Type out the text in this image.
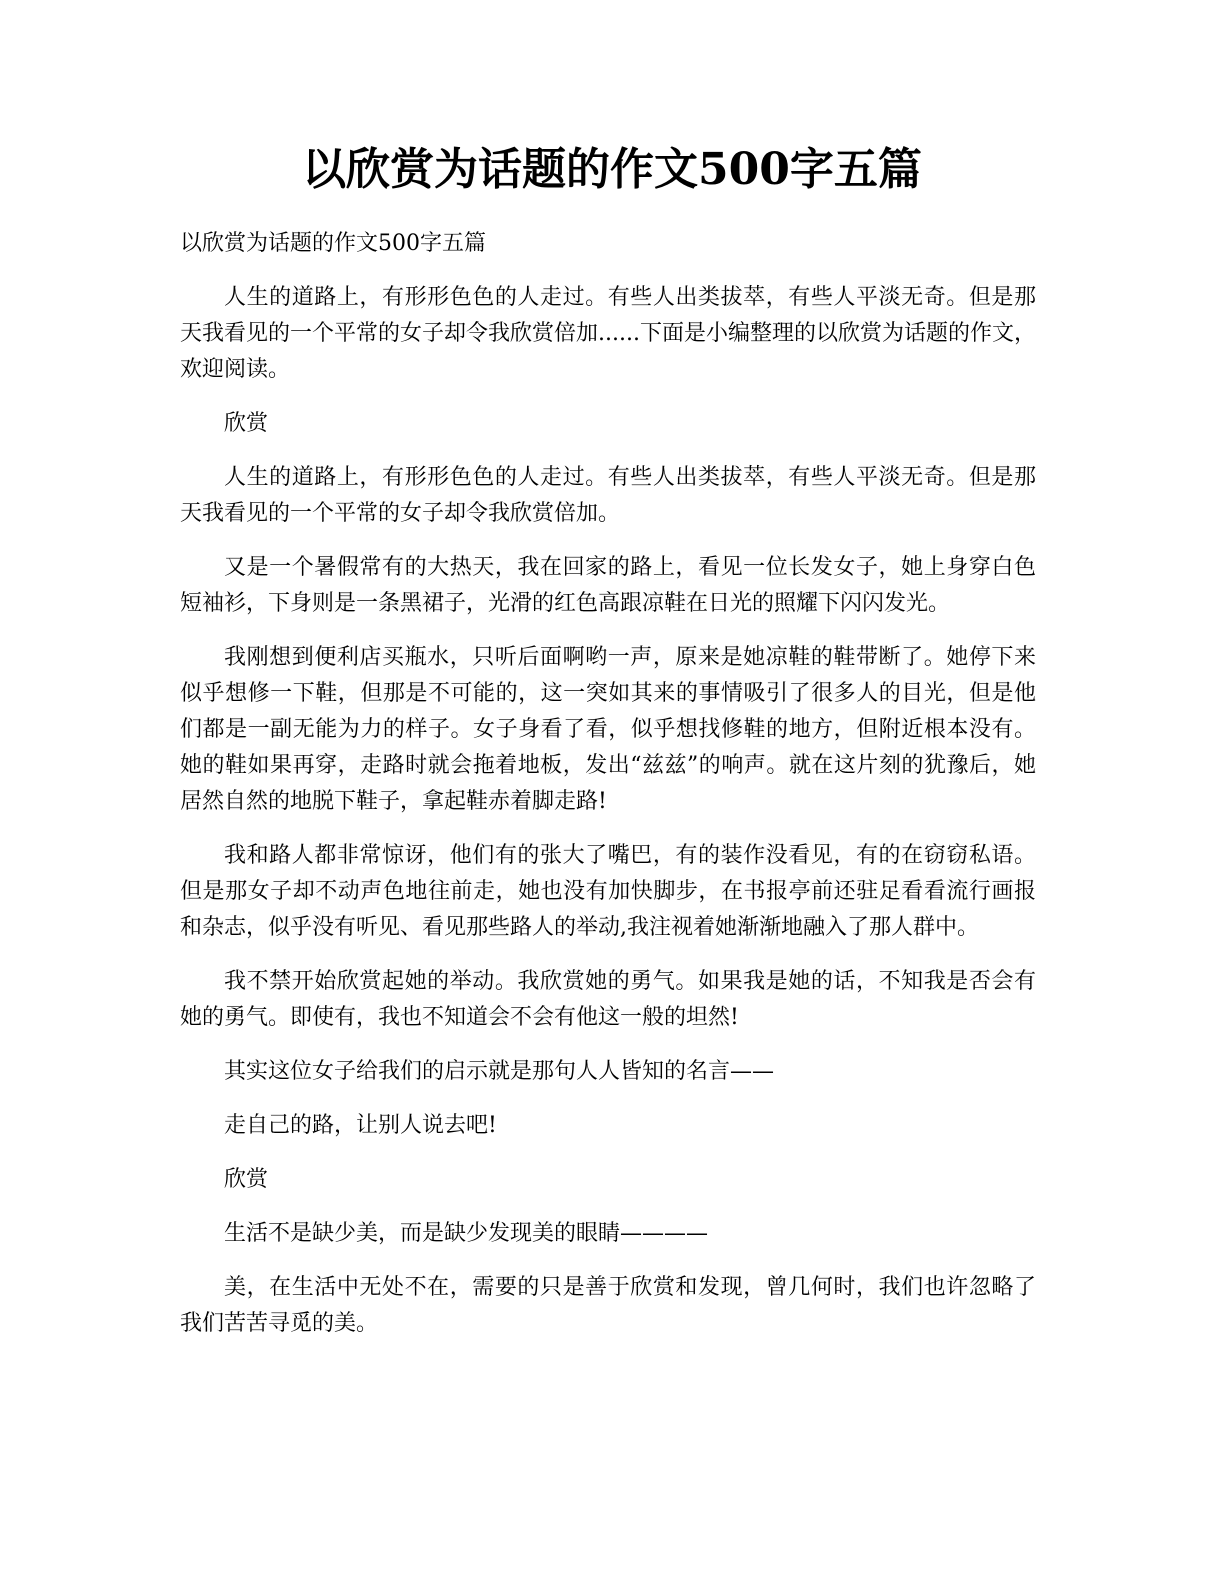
以欣赏为话题的作文500字五篇

以欣赏为话题的作文500字五篇

人生的道路上，有形形色色的人走过。有些人出类拔萃，有些人平淡无奇。但是那天我看见的一个平常的女子却令我欣赏倍加......下面是小编整理的以欣赏为话题的作文，欢迎阅读。

欣赏

人生的道路上，有形形色色的人走过。有些人出类拔萃，有些人平淡无奇。但是那天我看见的一个平常的女子却令我欣赏倍加。

又是一个暑假常有的大热天，我在回家的路上，看见一位长发女子，她上身穿白色短袖衫，下身则是一条黑裙子，光滑的红色高跟凉鞋在日光的照耀下闪闪发光。

我刚想到便利店买瓶水，只听后面啊哟一声，原来是她凉鞋的鞋带断了。她停下来似乎想修一下鞋，但那是不可能的，这一突如其来的事情吸引了很多人的目光，但是他们都是一副无能为力的样子。女子身看了看，似乎想找修鞋的地方，但附近根本没有。她的鞋如果再穿，走路时就会拖着地板，发出“兹兹”的响声。就在这片刻的犹豫后，她居然自然的地脱下鞋子，拿起鞋赤着脚走路!

我和路人都非常惊讶，他们有的张大了嘴巴，有的装作没看见，有的在窃窃私语。但是那女子却不动声色地往前走，她也没有加快脚步，在书报亭前还驻足看看流行画报和杂志，似乎没有听见、看见那些路人的举动,我注视着她渐渐地融入了那人群中。

我不禁开始欣赏起她的举动。我欣赏她的勇气。如果我是她的话，不知我是否会有她的勇气。即使有，我也不知道会不会有他这一般的坦然!

其实这位女子给我们的启示就是那句人人皆知的名言——

走自己的路，让别人说去吧!

欣赏

生活不是缺少美，而是缺少发现美的眼睛————

美，在生活中无处不在，需要的只是善于欣赏和发现，曾几何时，我们也许忽略了我们苦苦寻觅的美。
